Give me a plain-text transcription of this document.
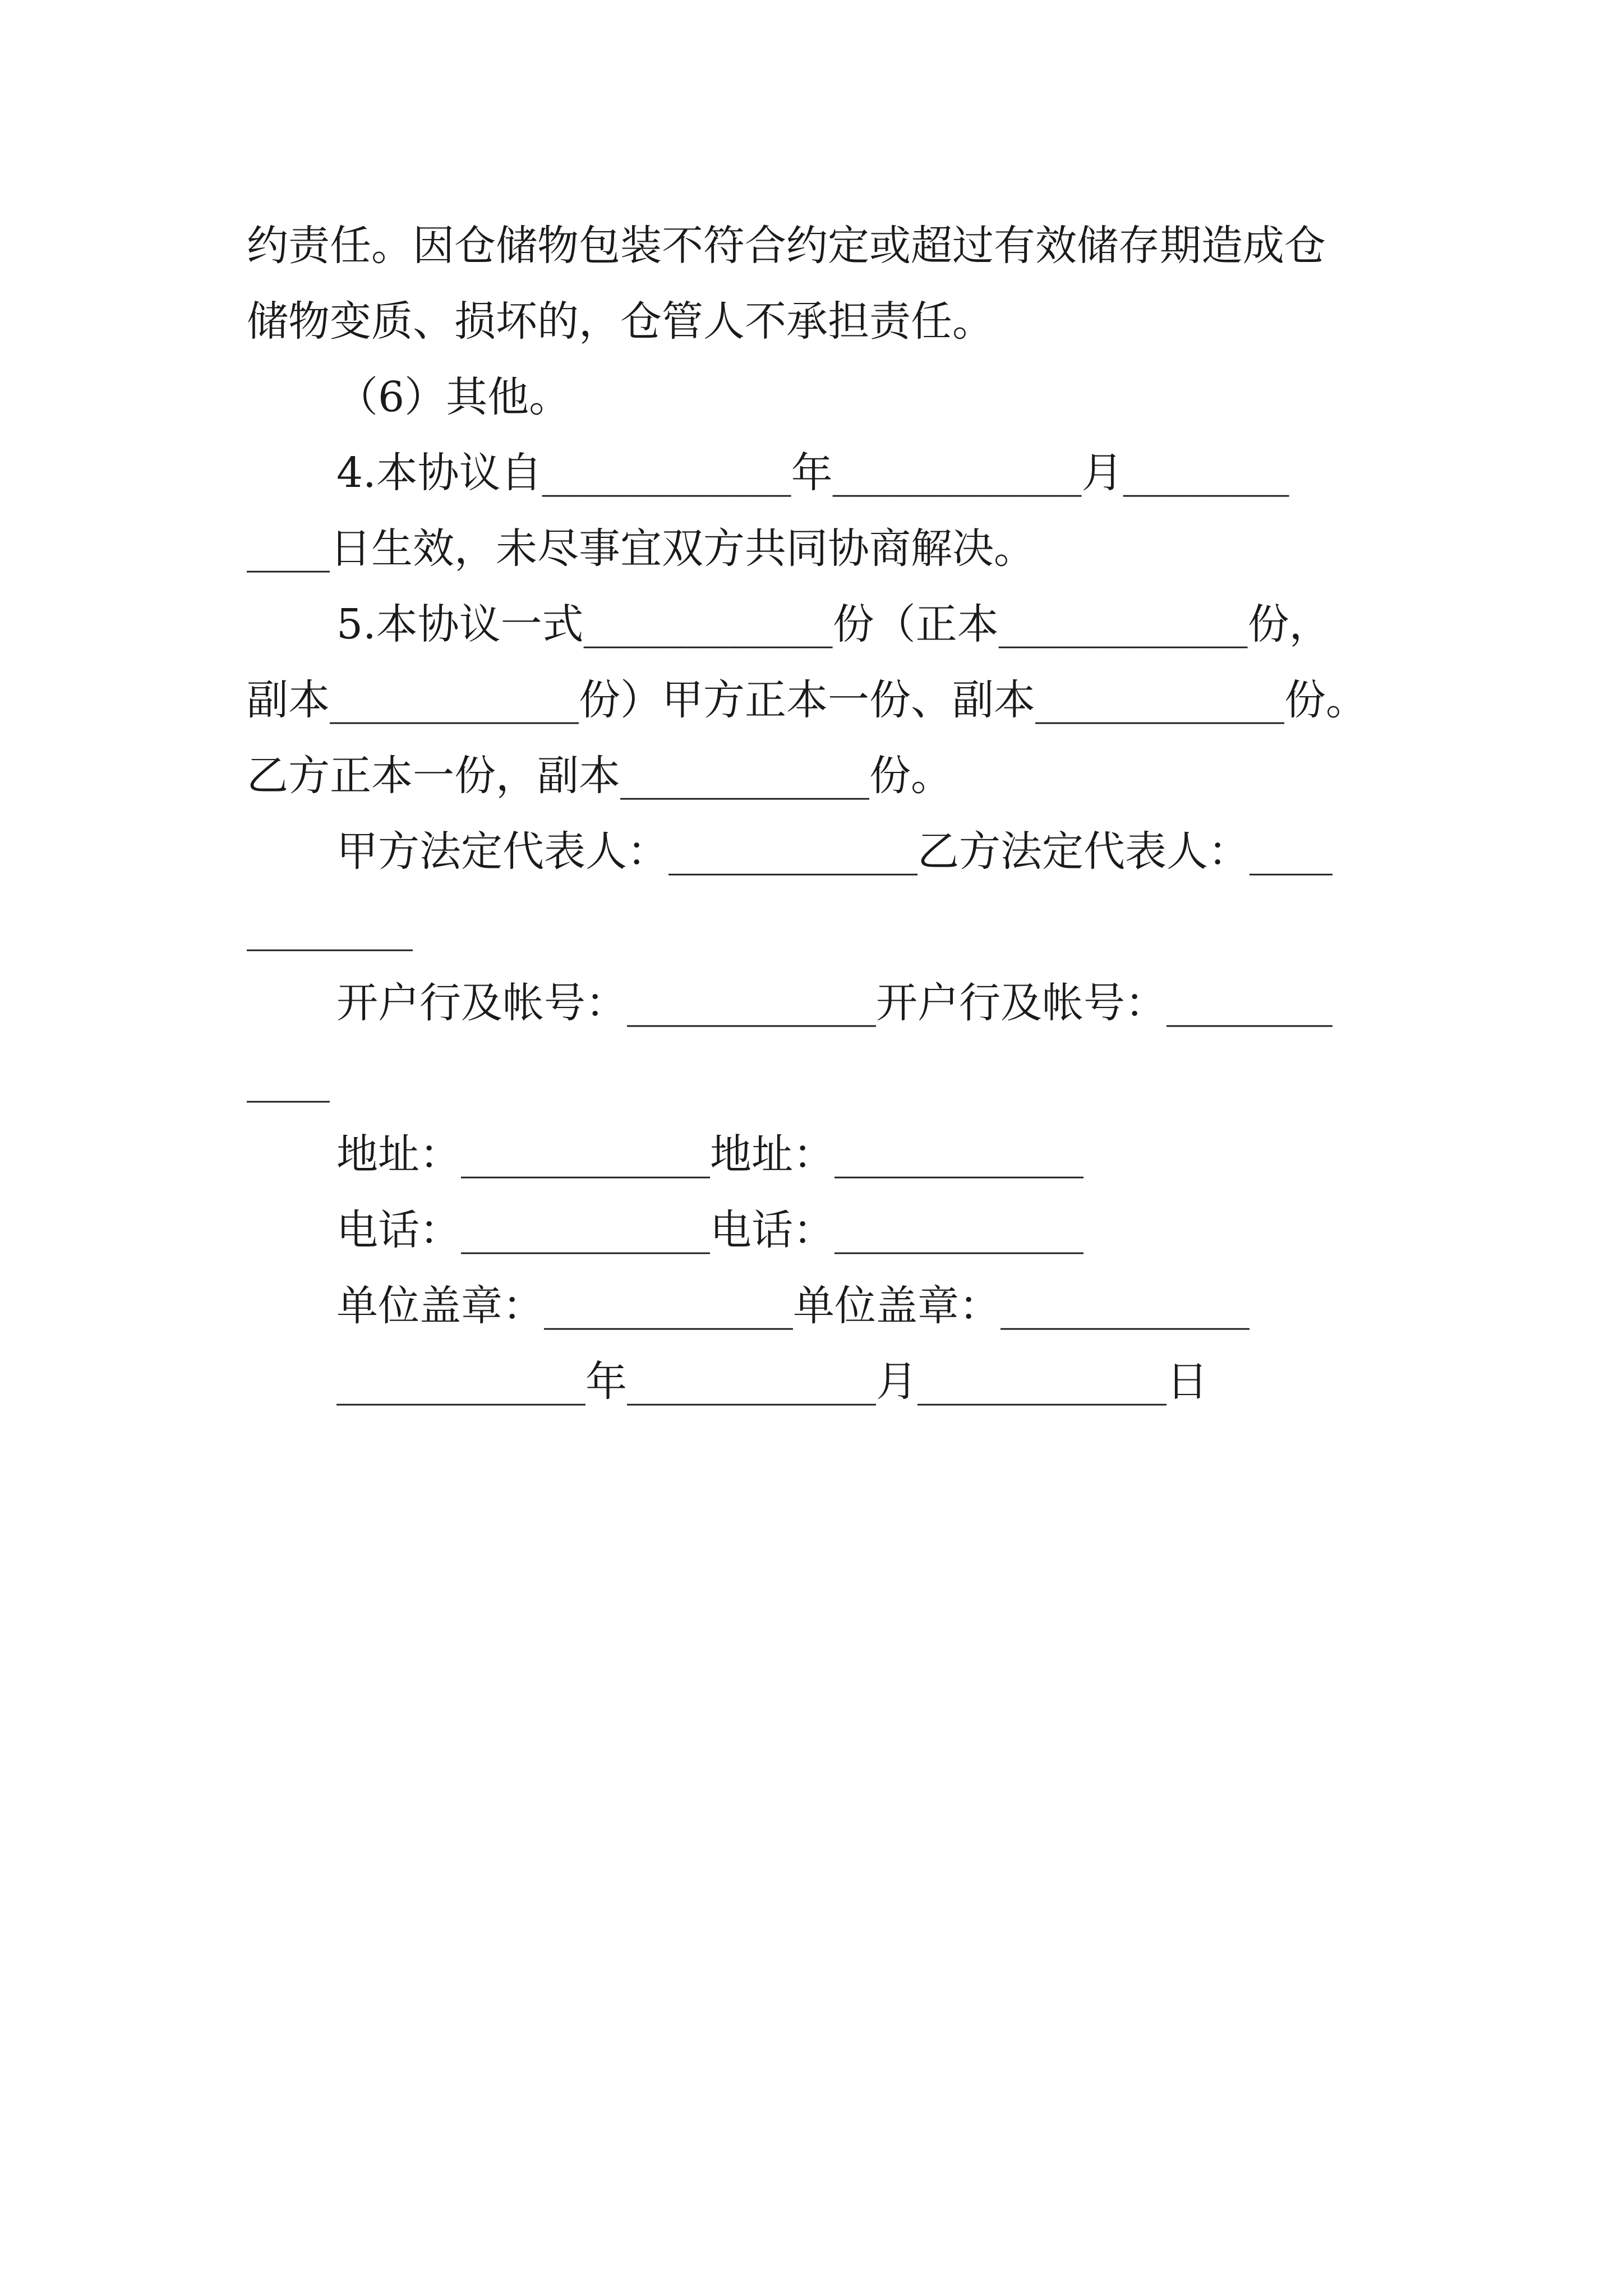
约责任。因仓储物包装不符合约定或超过有效储存期造成仓
储物变质、损坏的，仓管人不承担责任。
（6）其他。
4.本协议自____________年____________月________
____日生效，未尽事宜双方共同协商解决。
5.本协议一式____________份（正本____________份，
副本____________份）甲方正本一份、副本____________份。
乙方正本一份，副本____________份。
甲方法定代表人：____________乙方法定代表人：____
________
开户行及帐号：____________开户行及帐号：________
____
地址：____________地址：____________
电话：____________电话：____________
单位盖章：____________单位盖章：____________
____________年____________月____________日
